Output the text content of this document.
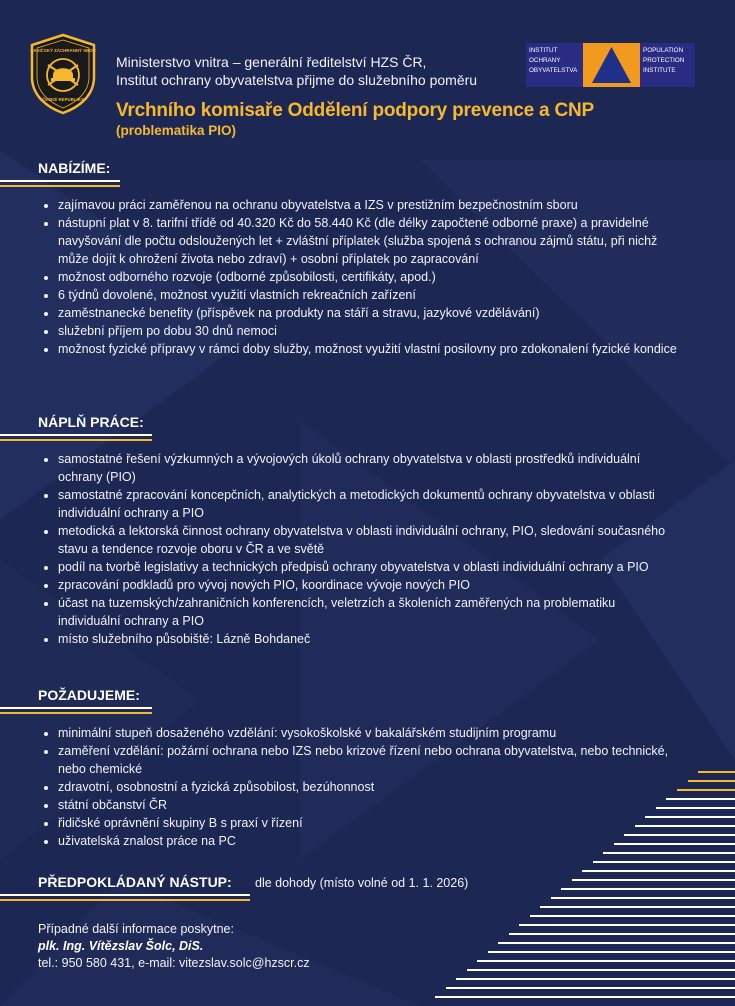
HASIČSKÝ ZÁCHRANNÝ SBOR
ČESKÉ REPUBLIKY
Ministerstvo vnitra – generální ředitelství HZS ČR,
Institut ochrany obyvatelstva přijme do služebního poměru
Vrchního komisaře Oddělení podpory prevence a CNP
(problematika PIO)
INSTITUT
OCHRANY
OBYVATELSTVA
POPULATION
PROTECTION
INSTITUTE
NABÍZÍME:
• zajímavou práci zaměřenou na ochranu obyvatelstva a IZS v prestižním bezpečnostním sboru
• nástupní plat v 8. tarifní třídě od 40.320 Kč do 58.440 Kč (dle délky započtené odborné praxe) a pravidelné navyšování dle počtu odsloužených let + zvláštní příplatek (služba spojená s ochranou zájmů státu, při nichž může dojít k ohrožení života nebo zdraví) + osobní příplatek po zapracování
• možnost odborného rozvoje (odborné způsobilosti, certifikáty, apod.)
• 6 týdnů dovolené, možnost využití vlastních rekreačních zařízení
• zaměstnanecké benefity (příspěvek na produkty na stáří a stravu, jazykové vzdělávání)
• služební příjem po dobu 30 dnů nemoci
• možnost fyzické přípravy v rámci doby služby, možnost využití vlastní posilovny pro zdokonalení fyzické kondice
NÁPLŇ PRÁCE:
• samostatné řešení výzkumných a vývojových úkolů ochrany obyvatelstva v oblasti prostředků individuální ochrany (PIO)
• samostatné zpracování koncepčních, analytických a metodických dokumentů ochrany obyvatelstva v oblasti individuální ochrany a PIO
• metodická a lektorská činnost ochrany obyvatelstva v oblasti individuální ochrany, PIO, sledování současného stavu a tendence rozvoje oboru v ČR a ve světě
• podíl na tvorbě legislativy a technických předpisů ochrany obyvatelstva v oblasti individuální ochrany a PIO
• zpracování podkladů pro vývoj nových PIO, koordinace vývoje nových PIO
• účast na tuzemských/zahraničních konferencích, veletrzích a školeních zaměřených na problematiku individuální ochrany a PIO
• místo služebního působiště: Lázně Bohdaneč
POŽADUJEME:
• minimální stupeň dosaženého vzdělání: vysokoškolské v bakalářském studijním programu
• zaměření vzdělání: požární ochrana nebo IZS nebo krizové řízení nebo ochrana obyvatelstva, nebo technické, nebo chemické
• zdravotní, osobnostní a fyzická způsobilost, bezúhonnost
• státní občanství ČR
• řidičské oprávnění skupiny B s praxí v řízení
• uživatelská znalost práce na PC
PŘEDPOKLÁDANÝ NÁSTUP: dle dohody (místo volné od 1. 1. 2026)
Případné další informace poskytne:
plk. Ing. Vítězslav Šolc, DiS.
tel.: 950 580 431, e-mail: vitezslav.solc@hzscr.cz
